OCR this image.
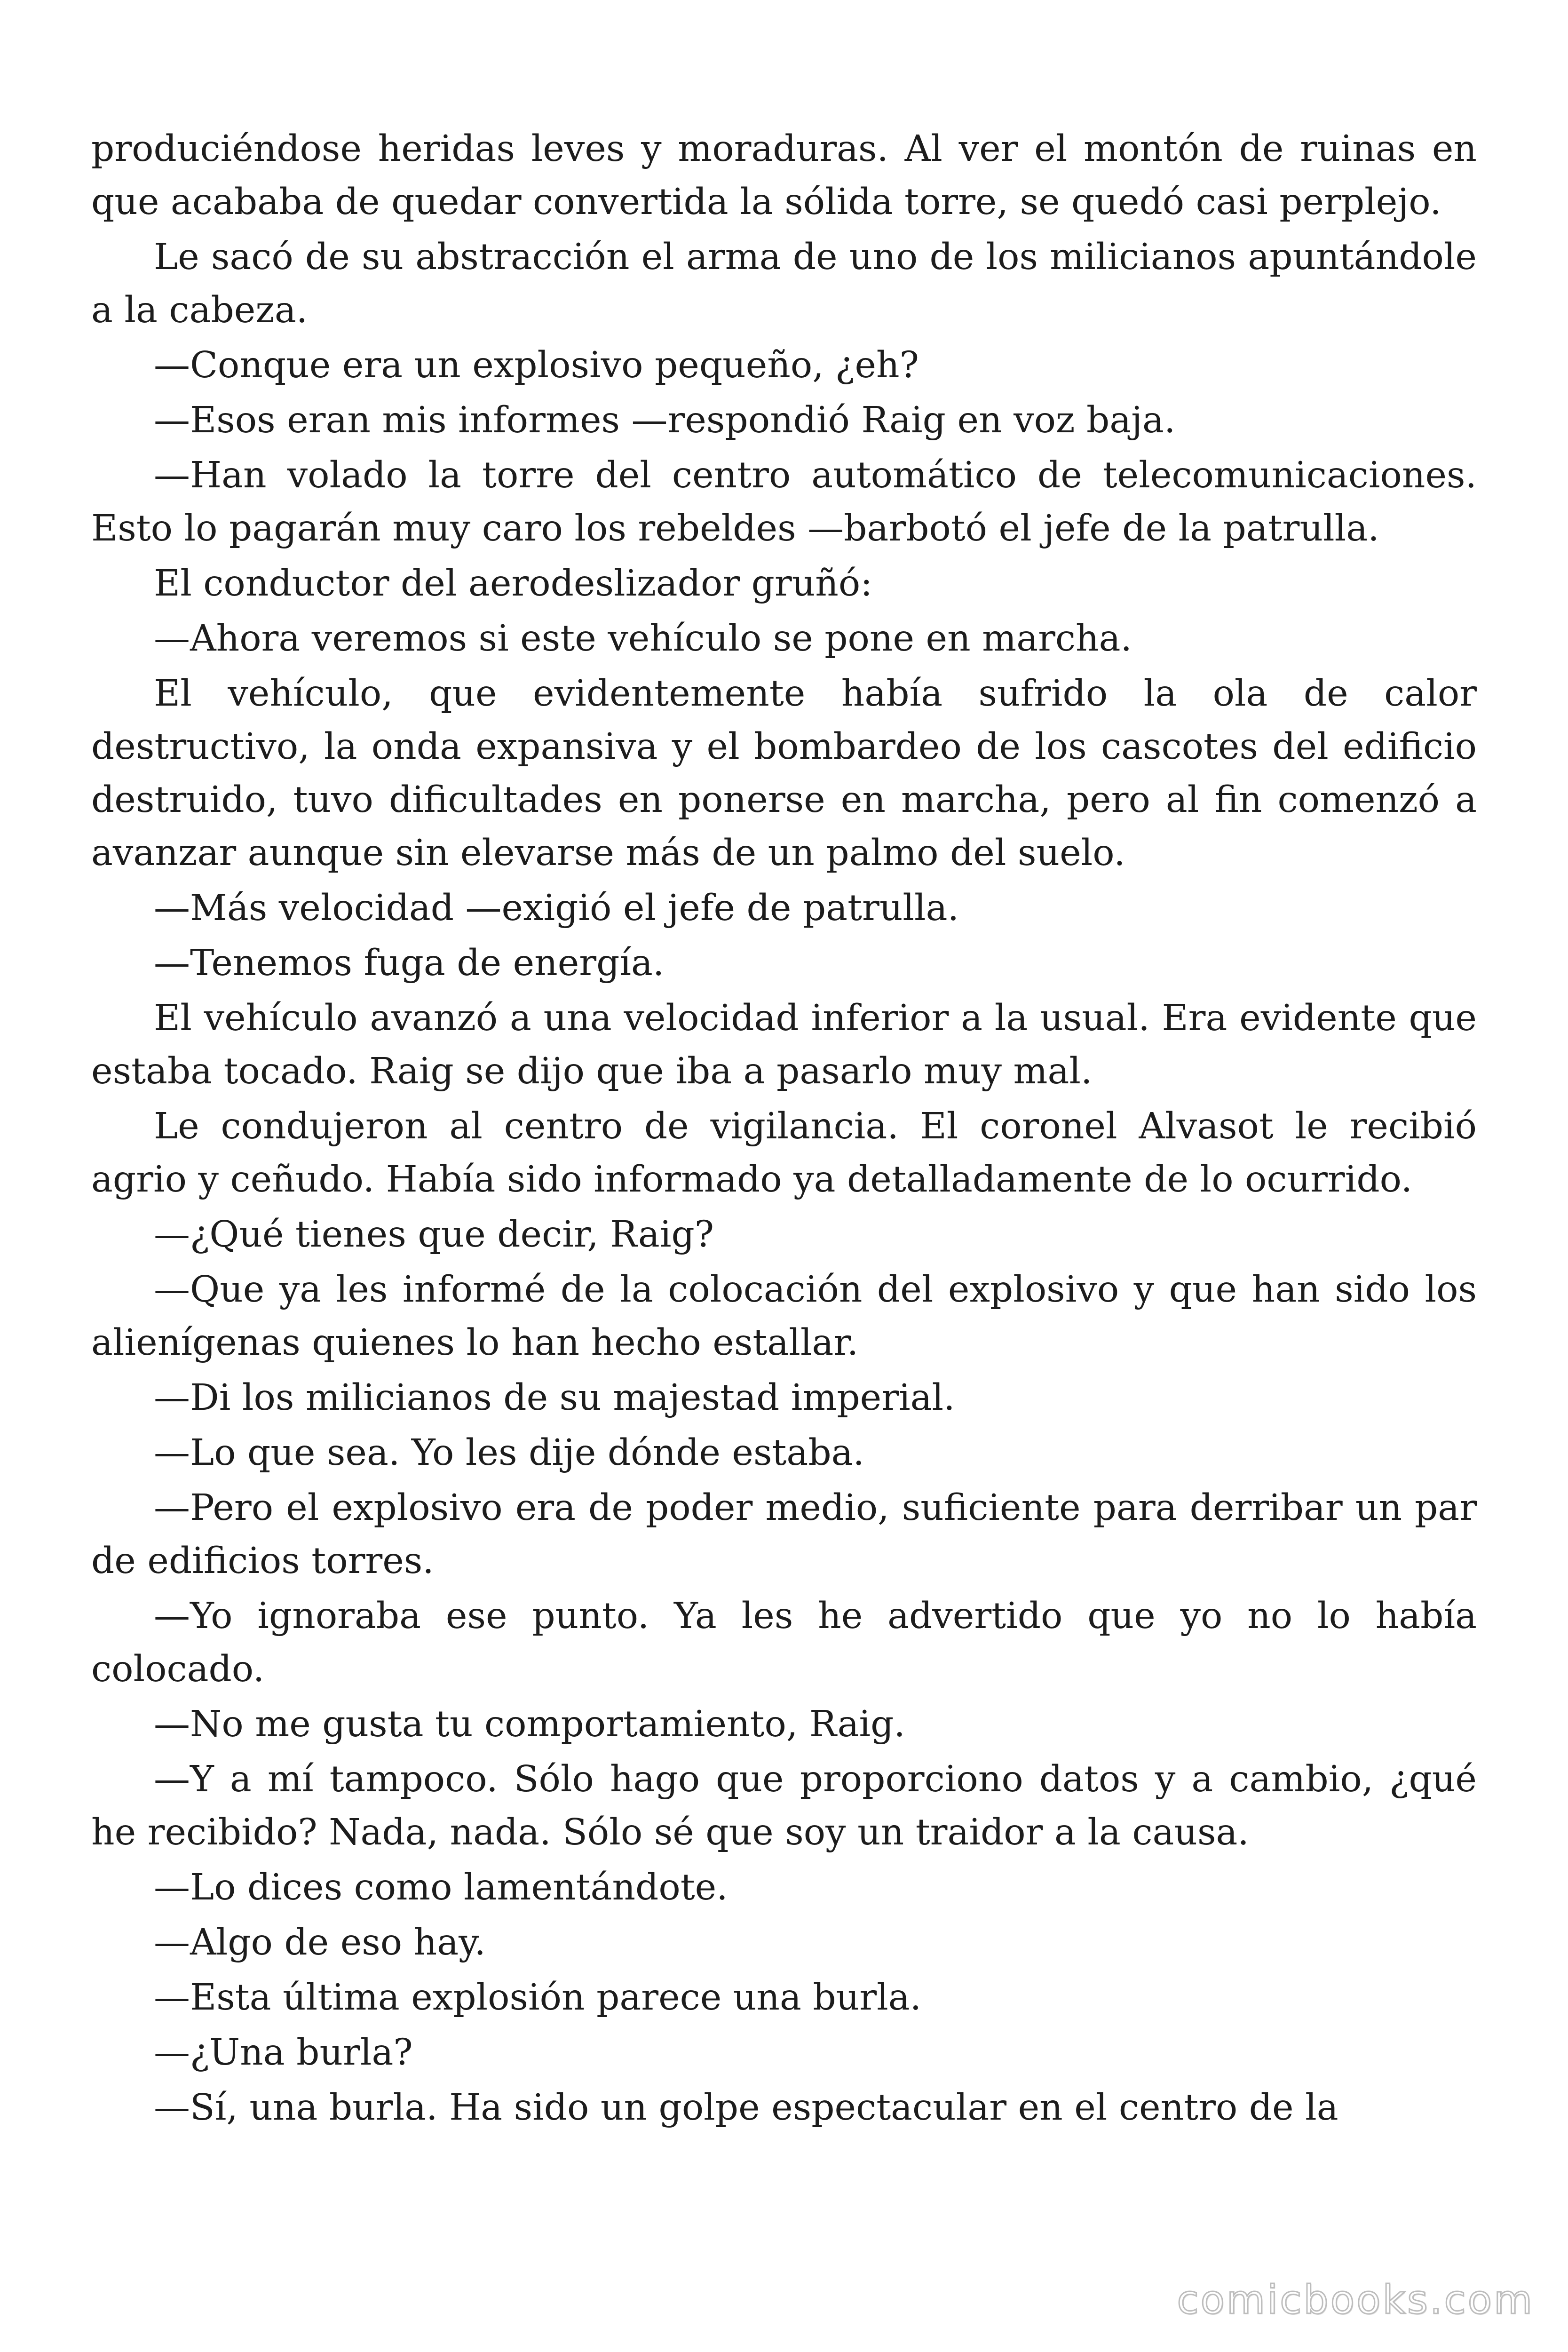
produciéndose heridas leves y moraduras. Al ver el montón de ruinas en que acababa de quedar convertida la sólida torre, se quedó casi perplejo.

Le sacó de su abstracción el arma de uno de los milicianos apuntándole a la cabeza.

—Conque era un explosivo pequeño, ¿eh?

—Esos eran mis informes —respondió Raig en voz baja.

—Han volado la torre del centro automático de telecomunicaciones. Esto lo pagarán muy caro los rebeldes —barbotó el jefe de la patrulla.

El conductor del aerodeslizador gruñó:

—Ahora veremos si este vehículo se pone en marcha.

El vehículo, que evidentemente había sufrido la ola de calor destructivo, la onda expansiva y el bombardeo de los cascotes del edificio destruido, tuvo dificultades en ponerse en marcha, pero al fin comenzó a avanzar aunque sin elevarse más de un palmo del suelo.

—Más velocidad —exigió el jefe de patrulla.

—Tenemos fuga de energía.

El vehículo avanzó a una velocidad inferior a la usual. Era evidente que estaba tocado. Raig se dijo que iba a pasarlo muy mal.

Le condujeron al centro de vigilancia. El coronel Alvasot le recibió agrio y ceñudo. Había sido informado ya detalladamente de lo ocurrido.

—¿Qué tienes que decir, Raig?

—Que ya les informé de la colocación del explosivo y que han sido los alienígenas quienes lo han hecho estallar.

—Di los milicianos de su majestad imperial.

—Lo que sea. Yo les dije dónde estaba.

—Pero el explosivo era de poder medio, suficiente para derribar un par de edificios torres.

—Yo ignoraba ese punto. Ya les he advertido que yo no lo había colocado.

—No me gusta tu comportamiento, Raig.

—Y a mí tampoco. Sólo hago que proporciono datos y a cambio, ¿qué he recibido? Nada, nada. Sólo sé que soy un traidor a la causa.

—Lo dices como lamentándote.

—Algo de eso hay.

—Esta última explosión parece una burla.

—¿Una burla?

—Sí, una burla. Ha sido un golpe espectacular en el centro de la

comicbooks.com
